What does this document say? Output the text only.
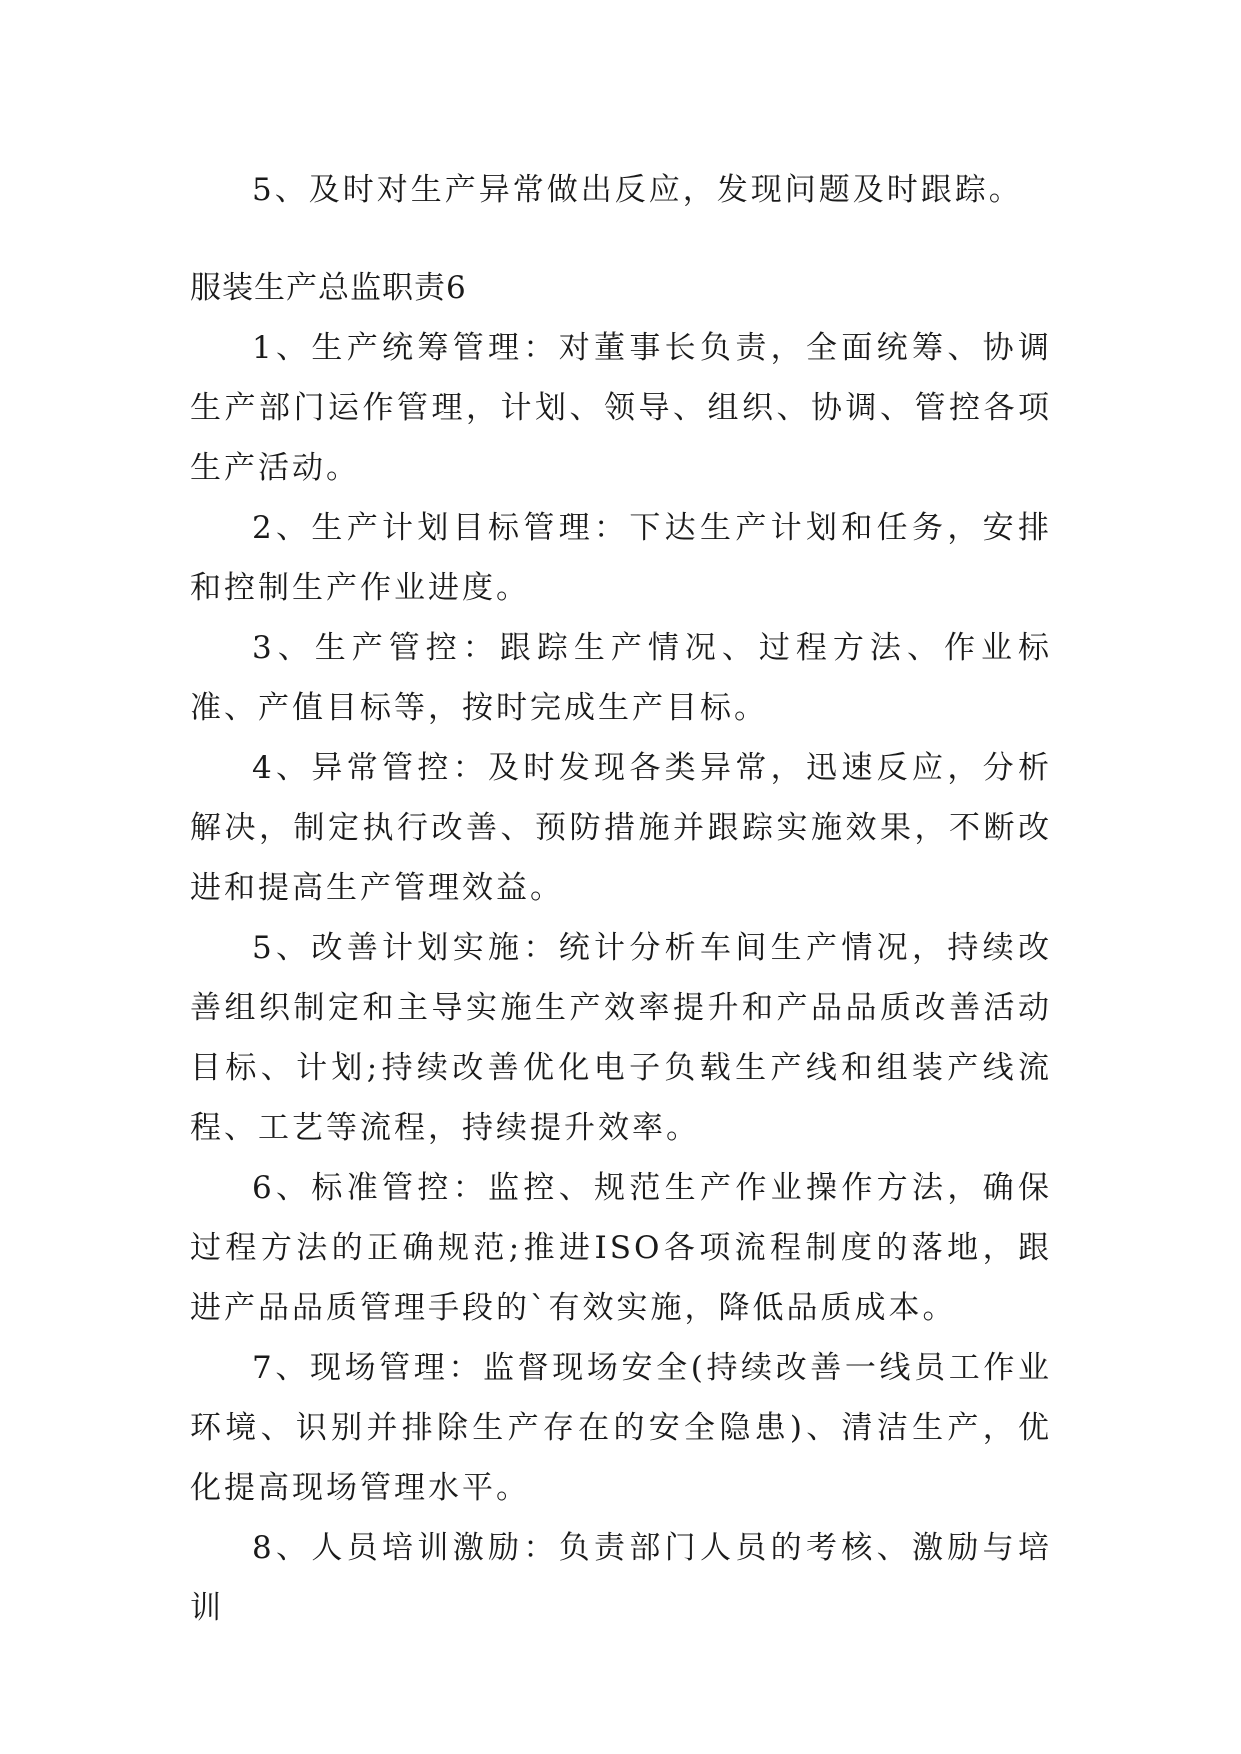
5、及时对生产异常做出反应，发现问题及时跟踪。

服装生产总监职责6

1、生产统筹管理：对董事长负责，全面统筹、协调生产部门运作管理，计划、领导、组织、协调、管控各项生产活动。

2、生产计划目标管理：下达生产计划和任务，安排和控制生产作业进度。

3、生产管控：跟踪生产情况、过程方法、作业标准、产值目标等，按时完成生产目标。

4、异常管控：及时发现各类异常，迅速反应，分析解决，制定执行改善、预防措施并跟踪实施效果，不断改进和提高生产管理效益。

5、改善计划实施：统计分析车间生产情况，持续改善组织制定和主导实施生产效率提升和产品品质改善活动目标、计划;持续改善优化电子负载生产线和组装产线流程、工艺等流程，持续提升效率。

6、标准管控：监控、规范生产作业操作方法，确保过程方法的正确规范;推进ISO各项流程制度的落地，跟进产品品质管理手段的`有效实施，降低品质成本。

7、现场管理：监督现场安全(持续改善一线员工作业环境、识别并排除生产存在的安全隐患)、清洁生产，优化提高现场管理水平。

8、人员培训激励：负责部门人员的考核、激励与培训
